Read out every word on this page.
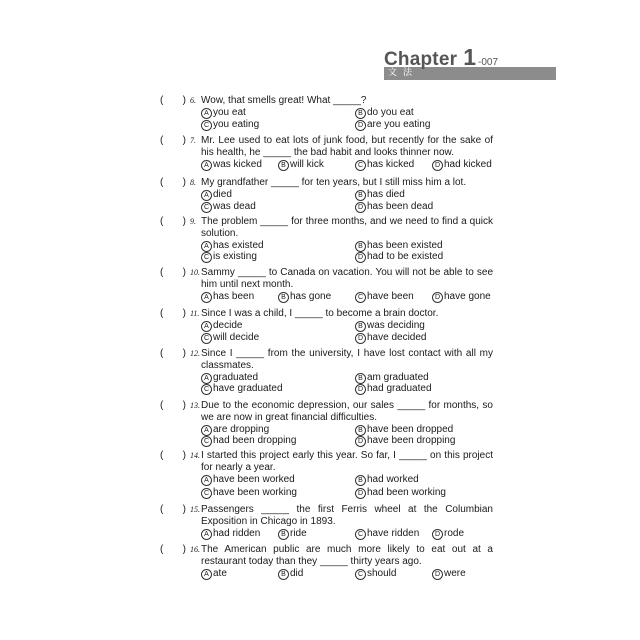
Chapter 1 -007
文法
( ) 6. Wow, that smells great! What _____?

A you eat	B do you eat
C you eating	D are you eating
( ) 7. Mr. Lee used to eat lots of junk food, but recently for the sake of his health, he _____ the bad habit and looks thinner now.

A was kicked	B will kick	C has kicked	D had kicked
( ) 8. My grandfather _____ for ten years, but I still miss him a lot.

A died	B has died
C was dead	D has been dead
( ) 9. The problem _____ for three months, and we need to find a quick solution.

A has existed	B has been existed
C is existing	D had to be existed
( ) 10. Sammy _____ to Canada on vacation. You will not be able to see him until next month.

A has been	B has gone	C have been	D have gone
( ) 11. Since I was a child, I _____ to become a brain doctor.

A decide	B was deciding
C will decide	D have decided
( ) 12. Since I _____ from the university, I have lost contact with all my classmates.

A graduated	B am graduated
C have graduated	D had graduated
( ) 13. Due to the economic depression, our sales _____ for months, so we are now in great financial difficulties.

A are dropping	B have been dropped
C had been dropping	D have been dropping
( ) 14. I started this project early this year. So far, I _____ on this project for nearly a year.

A have been worked	B had worked
C have been working	D had been working
( ) 15. Passengers _____ the first Ferris wheel at the Columbian Exposition in Chicago in 1893.

A had ridden	B ride	C have ridden	D rode
( ) 16. The American public are much more likely to eat out at a restaurant today than they _____ thirty years ago.

A ate	B did	C should	D were
